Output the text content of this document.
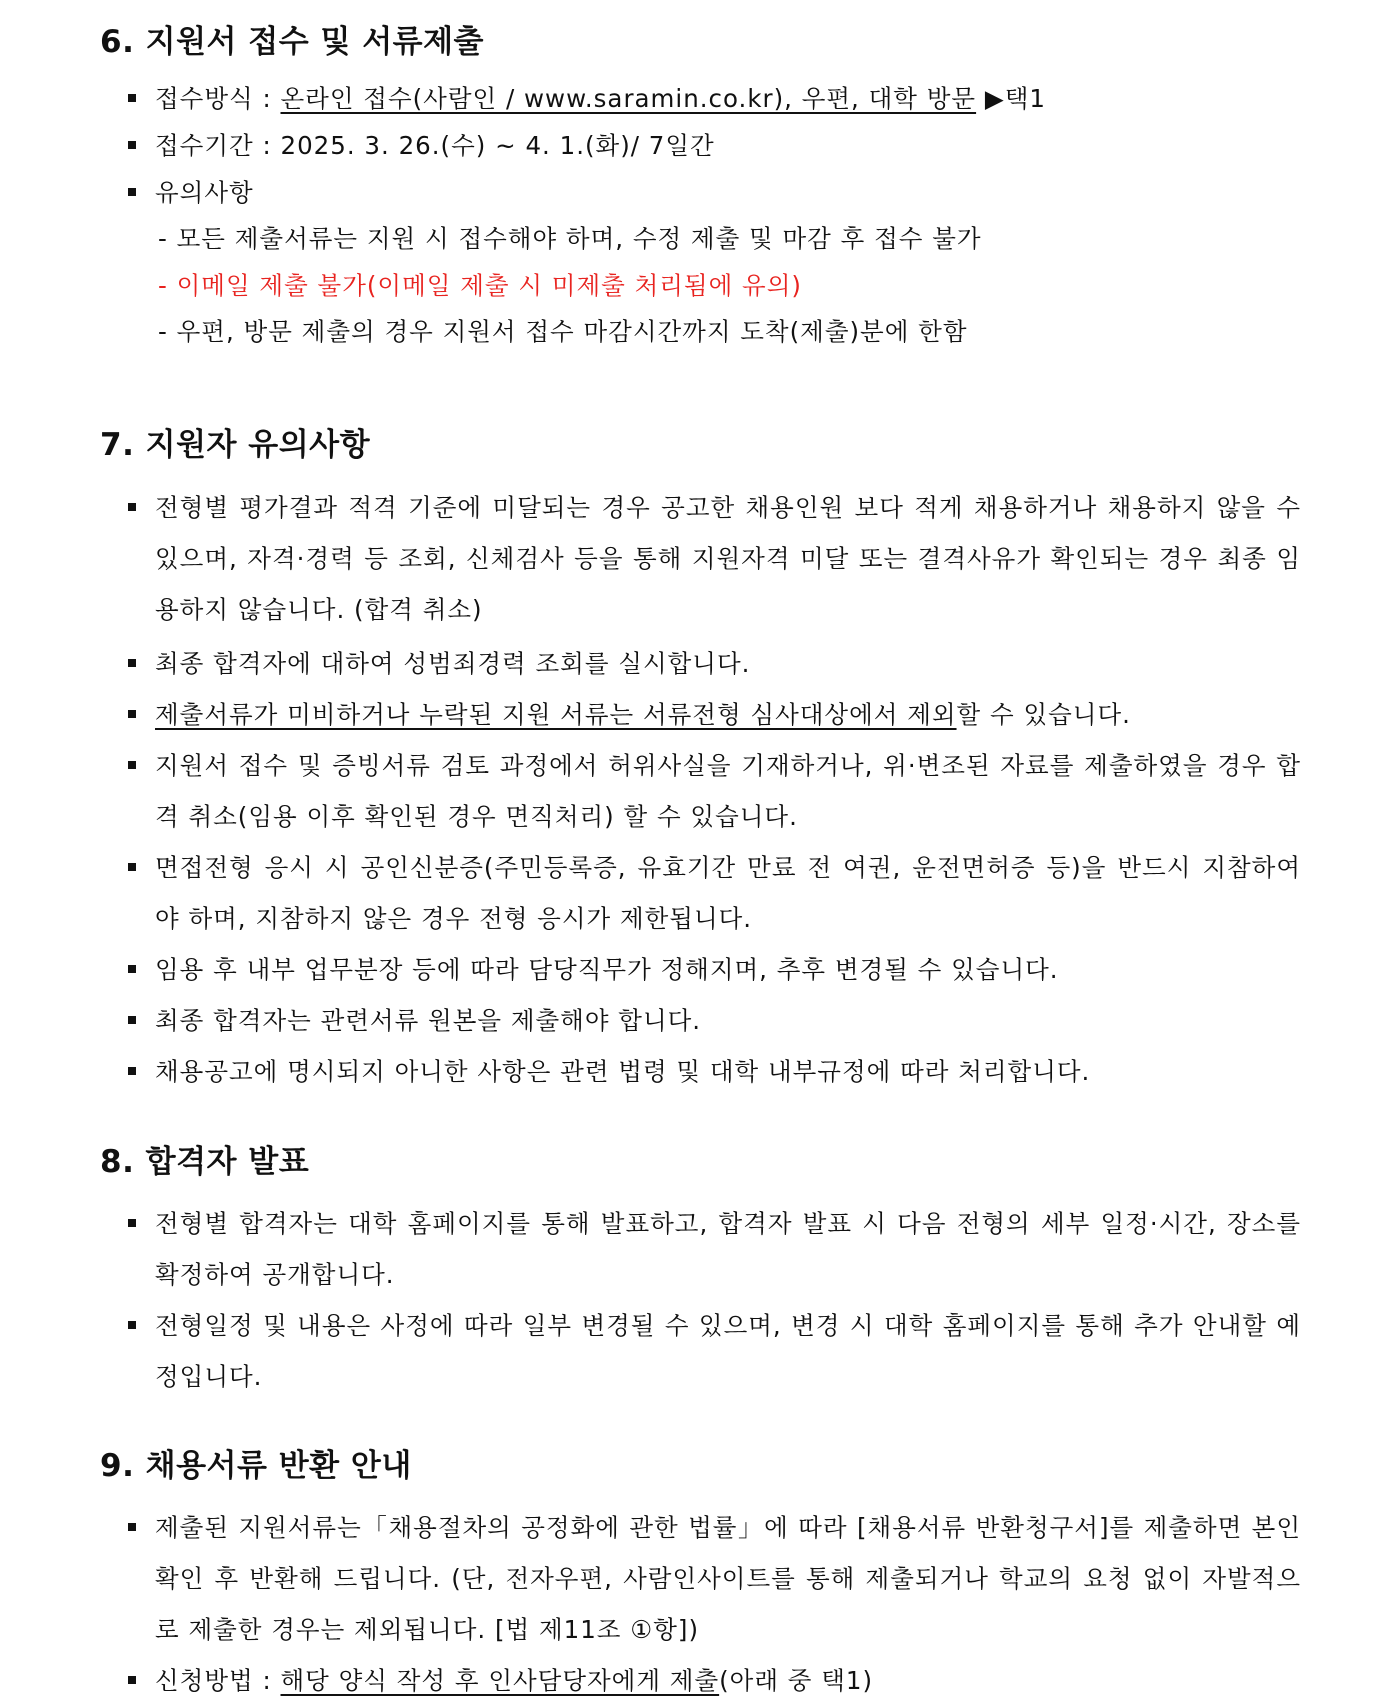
6. 지원서 접수 및 서류제출
접수방식 : 온라인 접수(사람인 / www.saramin.co.kr), 우편, 대학 방문 ▶택1
접수기간 : 2025. 3. 26.(수) ~ 4. 1.(화)/ 7일간
유의사항
- 모든 제출서류는 지원 시 접수해야 하며, 수정 제출 및 마감 후 접수 불가
- 이메일 제출 불가(이메일 제출 시 미제출 처리됨에 유의)
- 우편, 방문 제출의 경우 지원서 접수 마감시간까지 도착(제출)분에 한함
7. 지원자 유의사항
전형별 평가결과 적격 기준에 미달되는 경우 공고한 채용인원 보다 적게 채용하거나 채용하지 않을 수 있으며, 자격·경력 등 조회, 신체검사 등을 통해 지원자격 미달 또는 결격사유가 확인되는 경우 최종 임용하지 않습니다. (합격 취소)
최종 합격자에 대하여 성범죄경력 조회를 실시합니다.
제출서류가 미비하거나 누락된 지원 서류는 서류전형 심사대상에서 제외할 수 있습니다.
지원서 접수 및 증빙서류 검토 과정에서 허위사실을 기재하거나, 위·변조된 자료를 제출하였을 경우 합격 취소(임용 이후 확인된 경우 면직처리) 할 수 있습니다.
면접전형 응시 시 공인신분증(주민등록증, 유효기간 만료 전 여권, 운전면허증 등)을 반드시 지참하여야 하며, 지참하지 않은 경우 전형 응시가 제한됩니다.
임용 후 내부 업무분장 등에 따라 담당직무가 정해지며, 추후 변경될 수 있습니다.
최종 합격자는 관련서류 원본을 제출해야 합니다.
채용공고에 명시되지 아니한 사항은 관련 법령 및 대학 내부규정에 따라 처리합니다.
8. 합격자 발표
전형별 합격자는 대학 홈페이지를 통해 발표하고, 합격자 발표 시 다음 전형의 세부 일정·시간, 장소를 확정하여 공개합니다.
전형일정 및 내용은 사정에 따라 일부 변경될 수 있으며, 변경 시 대학 홈페이지를 통해 추가 안내할 예정입니다.
9. 채용서류 반환 안내
제출된 지원서류는「채용절차의 공정화에 관한 법률」에 따라 [채용서류 반환청구서]를 제출하면 본인 확인 후 반환해 드립니다. (단, 전자우편, 사람인사이트를 통해 제출되거나 학교의 요청 없이 자발적으로 제출한 경우는 제외됩니다. [법 제11조 ①항])
신청방법 : 해당 양식 작성 후 인사담당자에게 제출(아래 중 택1)
